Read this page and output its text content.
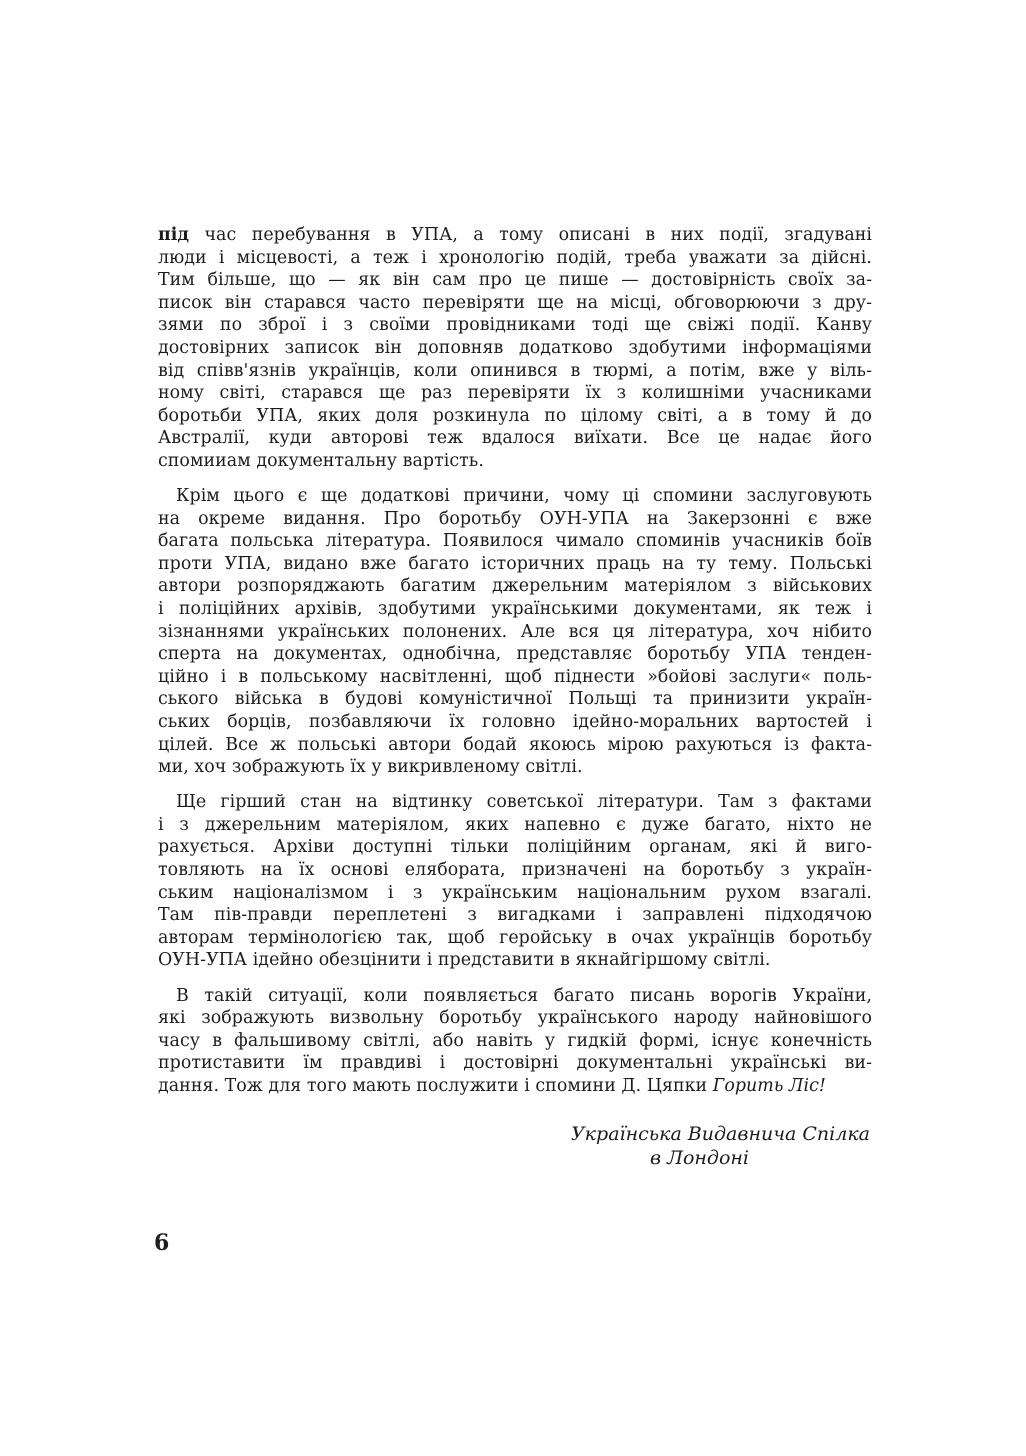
під час перебування в УПА, а тому описані в них події, згадувані
люди і місцевості, а теж і хронологію подій, треба уважати за дійсні.
Тим більше, що — як він сам про це пише — достовірність своїх за-
писок він старався часто перевіряти ще на місці, обговорюючи з дру-
зями по зброї і з своїми провідниками тоді ще свіжі події. Канву
достовірних записок він доповняв додатково здобутими інформаціями
від співв'язнів українців, коли опинився в тюрмі, а потім, вже у віль-
ному світі, старався ще раз перевіряти їх з колишніми учасниками
боротьби УПА, яких доля розкинула по цілому світі, а в тому й до
Австралії, куди авторові теж вдалося виїхати. Все це надає його
спомииам документальну вартість.
Крім цього є ще додаткові причини, чому ці спомини заслуговують
на окреме видання. Про боротьбу ОУН-УПА на Закерзонні є вже
багата польська література. Появилося чимало споминів учасників боїв
проти УПА, видано вже багато історичних праць на ту тему. Польські
автори розпоряджають багатим джерельним матеріялом з військових
і поліційних архівів, здобутими українськими документами, як теж і
зізнаннями українських полонених. Але вся ця література, хоч нібито
сперта на документах, однобічна, представляє боротьбу УПА тенден-
ційно і в польському насвітленні, щоб піднести »бойові заслуги« поль-
ського війська в будові комуністичної Польщі та принизити україн-
ських борців, позбавляючи їх головно ідейно-моральних вартостей і
цілей. Все ж польські автори бодай якоюсь мірою рахуються із факта-
ми, хоч зображують їх у викривленому світлі.
Ще гірший стан на відтинку советської літератури. Там з фактами
і з джерельним матеріялом, яких напевно є дуже багато, ніхто не
рахується. Архіви доступні тільки поліційним органам, які й виго-
товляють на їх основі елябората, призначені на боротьбу з україн-
ським націоналізмом і з українським національним рухом взагалі.
Там пів-правди переплетені з вигадками і заправлені підходячою
авторам термінологією так, щоб геройську в очах українців боротьбу
ОУН-УПА ідейно обезцінити і представити в якнайгіршому світлі.
В такій ситуації, коли появляється багато писань ворогів України,
які зображують визвольну боротьбу українського народу найновішого
часу в фальшивому світлі, або навіть у гидкій формі, існує конечність
протиставити їм правдиві і достовірні документальні українські ви-
дання. Тож для того мають послужити і спомини Д. Цяпки Горить Ліс!
Українська Видавнича Спілка
в Лондоні
6
